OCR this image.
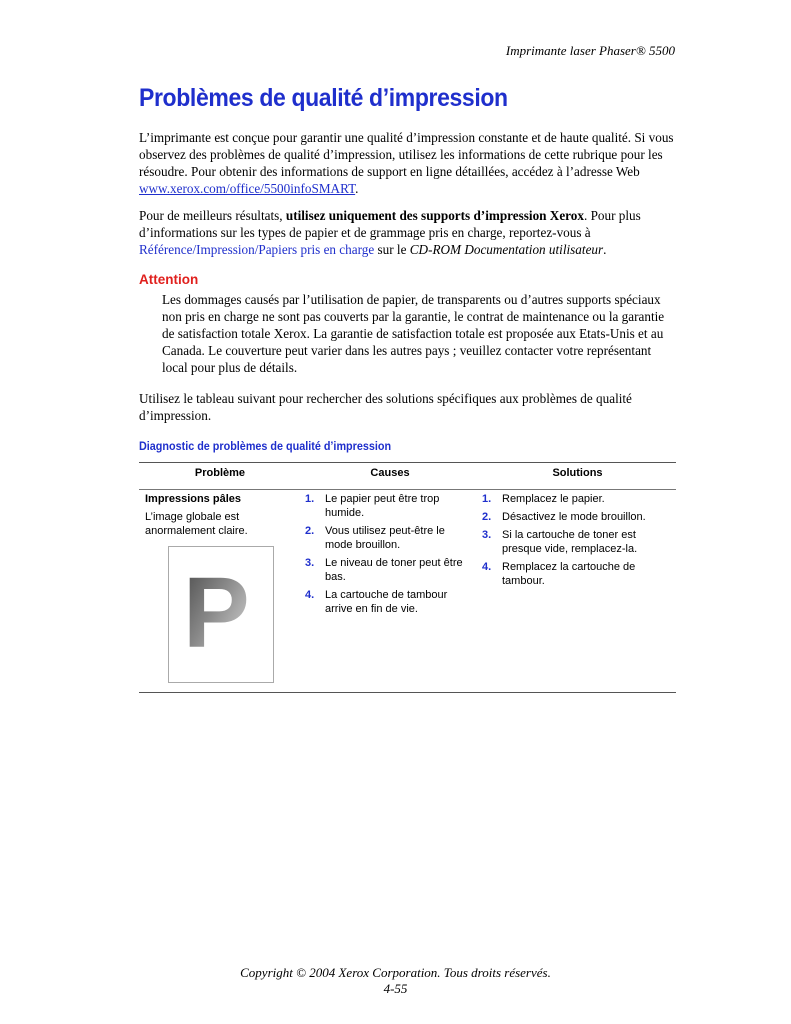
Imprimante laser Phaser® 5500
Problèmes de qualité d’impression

L’imprimante est conçue pour garantir une qualité d’impression constante et de haute qualité. Si vous observez des problèmes de qualité d’impression, utilisez les informations de cette rubrique pour les résoudre. Pour obtenir des informations de support en ligne détaillées, accédez à l’adresse Web www.xerox.com/office/5500infoSMART.

Pour de meilleurs résultats, utilisez uniquement des supports d’impression Xerox. Pour plus d’informations sur les types de papier et de grammage pris en charge, reportez-vous à Référence/Impression/Papiers pris en charge sur le CD-ROM Documentation utilisateur.

Attention

Les dommages causés par l’utilisation de papier, de transparents ou d’autres supports spéciaux non pris en charge ne sont pas couverts par la garantie, le contrat de maintenance ou la garantie de satisfaction totale Xerox. La garantie de satisfaction totale est proposée aux Etats-Unis et au Canada. Le couverture peut varier dans les autres pays ; veuillez contacter votre représentant local pour plus de détails.

Utilisez le tableau suivant pour rechercher des solutions spécifiques aux problèmes de qualité d’impression.

Diagnostic de problèmes de qualité d’impression
Problème	Causes	Solutions
Impressions pâles
L’image globale est anormalement claire.
P
1. Le papier peut être trop humide.
2. Vous utilisez peut-être le mode brouillon.
3. Le niveau de toner peut être bas.
4. La cartouche de tambour arrive en fin de vie.
1. Remplacez le papier.
2. Désactivez le mode brouillon.
3. Si la cartouche de toner est presque vide, remplacez-la.
4. Remplacez la cartouche de tambour.
Copyright © 2004 Xerox Corporation. Tous droits réservés.
4-55
